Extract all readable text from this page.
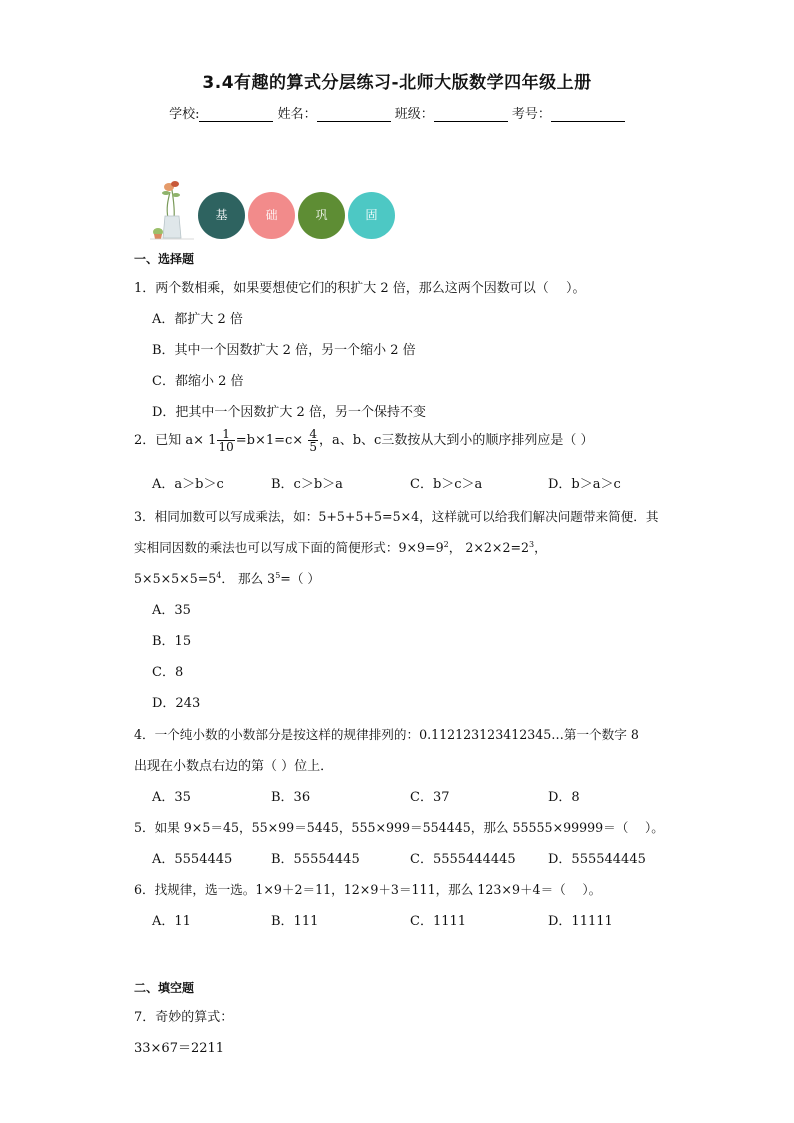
3.4有趣的算式分层练习-北师大版数学四年级上册
学校:	姓名：	班级：	考号：
基	础	巩	固
一、选择题
1．两个数相乘，如果要想使它们的积扩大 2 倍，那么这两个因数可以（　 ）。
A．都扩大 2 倍
B．其中一个因数扩大 2 倍，另一个缩小 2 倍
C．都缩小 2 倍
D．把其中一个因数扩大 2 倍，另一个保持不变
2．已知 $a\times 1 \frac{1}{10} =b\times 1=c\times \frac{4}{5}$ ，a、b、c三数按从大到小的顺序排列应是（ ）
A．a＞b＞c	B．c＞b＞a	C．b＞c＞a	D．b＞a＞c
3．相同加数可以写成乘法，如：5+5+5+5=5×4，这样就可以给我们解决问题带来简便．其
实相同因数的乘法也可以写成下面的简便形式：$9\times 9=9^2$， $2\times 2\times 2=2^3$，
$5\times 5\times 5\times 5=5^4$． 那么 $3^5=$（ ）
A．35
B．15
C．8
D．243
4．一个纯小数的小数部分是按这样的规律排列的：0.112123123412345…第一个数字 8
出现在小数点右边的第（ ）位上．
A．35	B．36	C．37	D．8
5．如果 9×5＝45，55×99＝5445，555×999＝554445，那么 55555×99999＝（　 ）。
A．5554445	B．55554445	C．5555444445 D．555544445
6．找规律，选一选。1×9＋2＝11，12×9＋3＝111，那么 123×9＋4＝（　 ）。
A．11	B．111	C．1111	D．11111
二、填空题
7．奇妙的算式：
33×67＝2211
